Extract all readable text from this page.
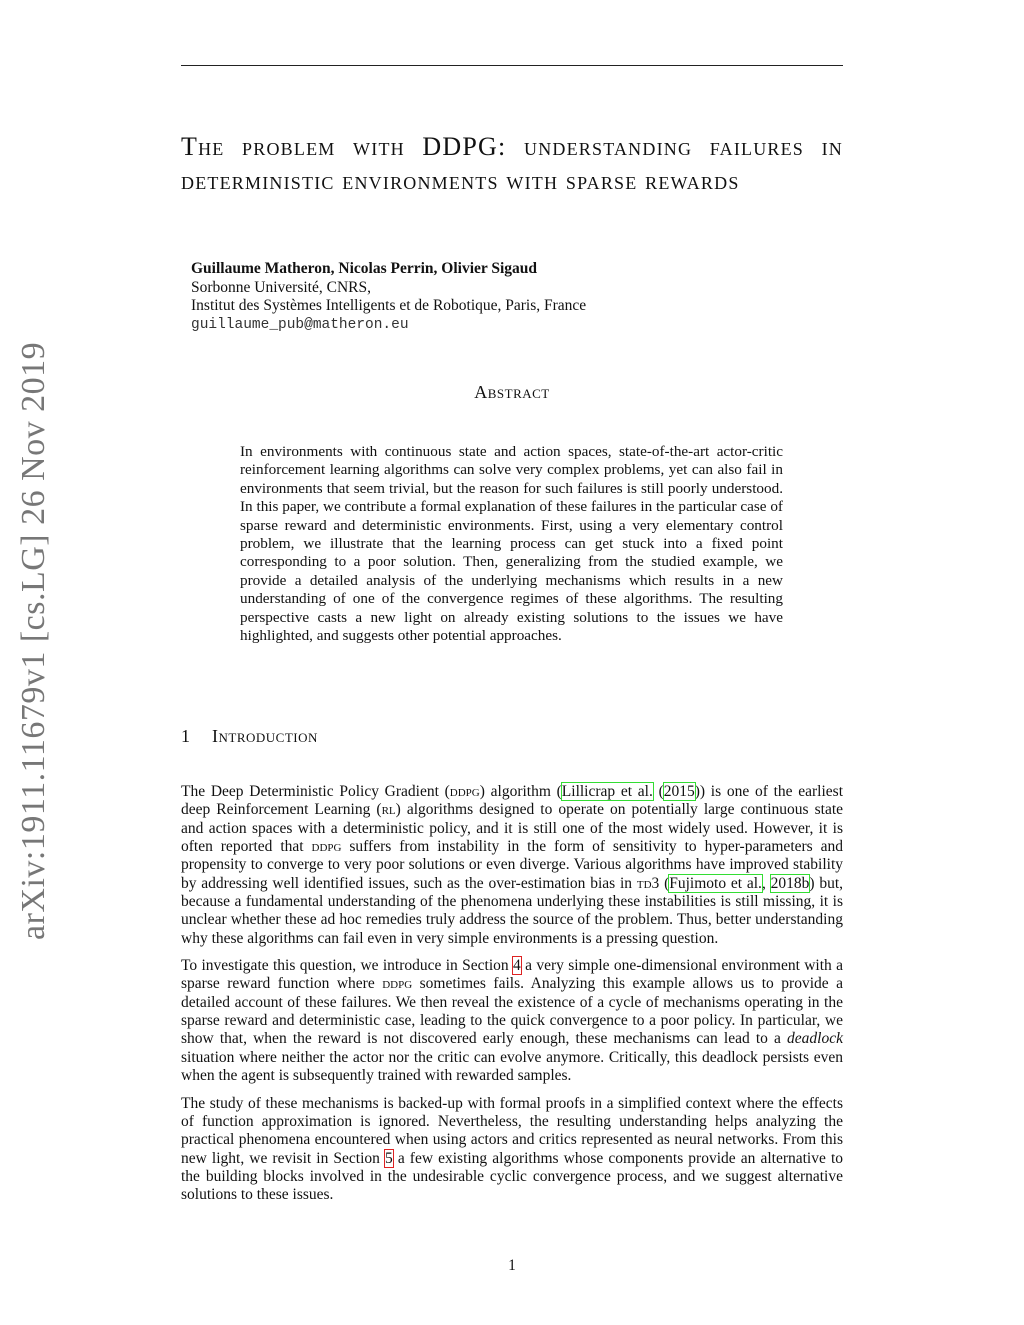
arXiv:1911.11679v1 [cs.LG] 26 Nov 2019
The problem with DDPG: understanding failures in deterministic environments with sparse rewards
Guillaume Matheron, Nicolas Perrin, Olivier Sigaud
Sorbonne Université, CNRS,
Institut des Systèmes Intelligents et de Robotique, Paris, France
guillaume_pub@matheron.eu
Abstract
In environments with continuous state and action spaces, state-of-the-art actor-critic reinforcement learning algorithms can solve very complex problems, yet can also fail in environments that seem trivial, but the reason for such failures is still poorly understood. In this paper, we contribute a formal explanation of these failures in the particular case of sparse reward and deterministic environments. First, using a very elementary control problem, we illustrate that the learning process can get stuck into a fixed point corresponding to a poor solution. Then, generalizing from the studied example, we provide a detailed analysis of the underlying mechanisms which results in a new understanding of one of the convergence regimes of these algorithms. The resulting perspective casts a new light on already existing solutions to the issues we have highlighted, and suggests other potential approaches.
1 Introduction

The Deep Deterministic Policy Gradient (ddpg) algorithm (Lillicrap et al. (2015)) is one of the earliest deep Reinforcement Learning (rl) algorithms designed to operate on potentially large continuous state and action spaces with a deterministic policy, and it is still one of the most widely used. However, it is often reported that ddpg suffers from instability in the form of sensitivity to hyper-parameters and propensity to converge to very poor solutions or even diverge. Various algorithms have improved stability by addressing well identified issues, such as the over-estimation bias in td3 (Fujimoto et al., 2018b) but, because a fundamental understanding of the phenomena underlying these instabilities is still missing, it is unclear whether these ad hoc remedies truly address the source of the problem. Thus, better understanding why these algorithms can fail even in very simple environments is a pressing question.

To investigate this question, we introduce in Section 4 a very simple one-dimensional environment with a sparse reward function where ddpg sometimes fails. Analyzing this example allows us to provide a detailed account of these failures. We then reveal the existence of a cycle of mechanisms operating in the sparse reward and deterministic case, leading to the quick convergence to a poor policy. In particular, we show that, when the reward is not discovered early enough, these mechanisms can lead to a deadlock situation where neither the actor nor the critic can evolve anymore. Critically, this deadlock persists even when the agent is subsequently trained with rewarded samples.

The study of these mechanisms is backed-up with formal proofs in a simplified context where the effects of function approximation is ignored. Nevertheless, the resulting understanding helps analyzing the practical phenomena encountered when using actors and critics represented as neural networks. From this new light, we revisit in Section 5 a few existing algorithms whose components provide an alternative to the building blocks involved in the undesirable cyclic convergence process, and we suggest alternative solutions to these issues.

1
